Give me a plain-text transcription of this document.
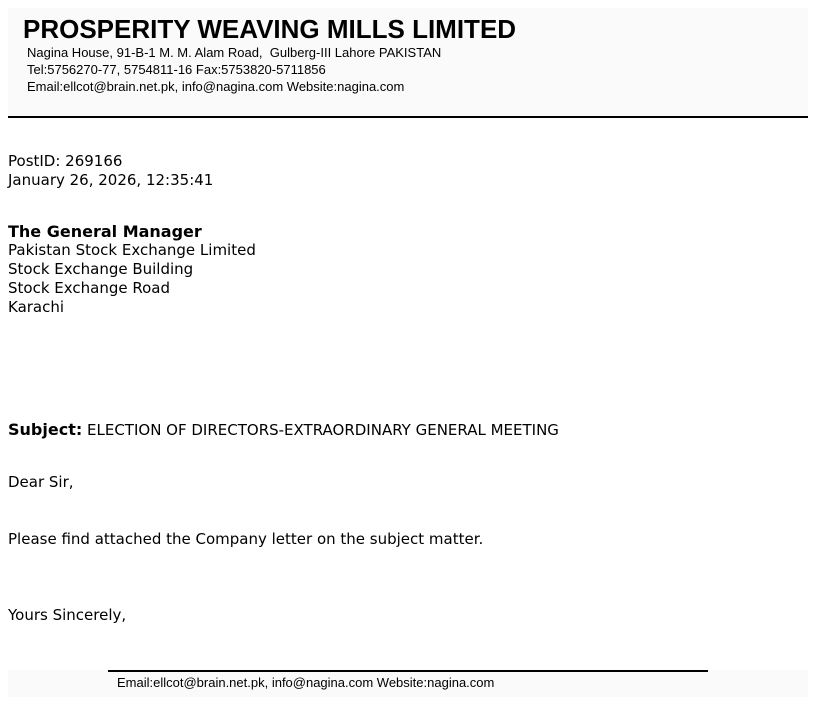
PROSPERITY WEAVING MILLS LIMITED
Nagina House, 91-B-1 M. M. Alam Road,  Gulberg-III Lahore PAKISTAN
Tel:5756270-77, 5754811-16 Fax:5753820-5711856
Email:ellcot@brain.net.pk, info@nagina.com Website:nagina.com
PostID: 269166
January 26, 2026, 12:35:41
The General Manager
Pakistan Stock Exchange Limited
Stock Exchange Building
Stock Exchange Road
Karachi
Subject: ELECTION OF DIRECTORS-EXTRAORDINARY GENERAL MEETING
Dear Sir,
Please find attached the Company letter on the subject matter.
Yours Sincerely,
Email:ellcot@brain.net.pk, info@nagina.com Website:nagina.com
